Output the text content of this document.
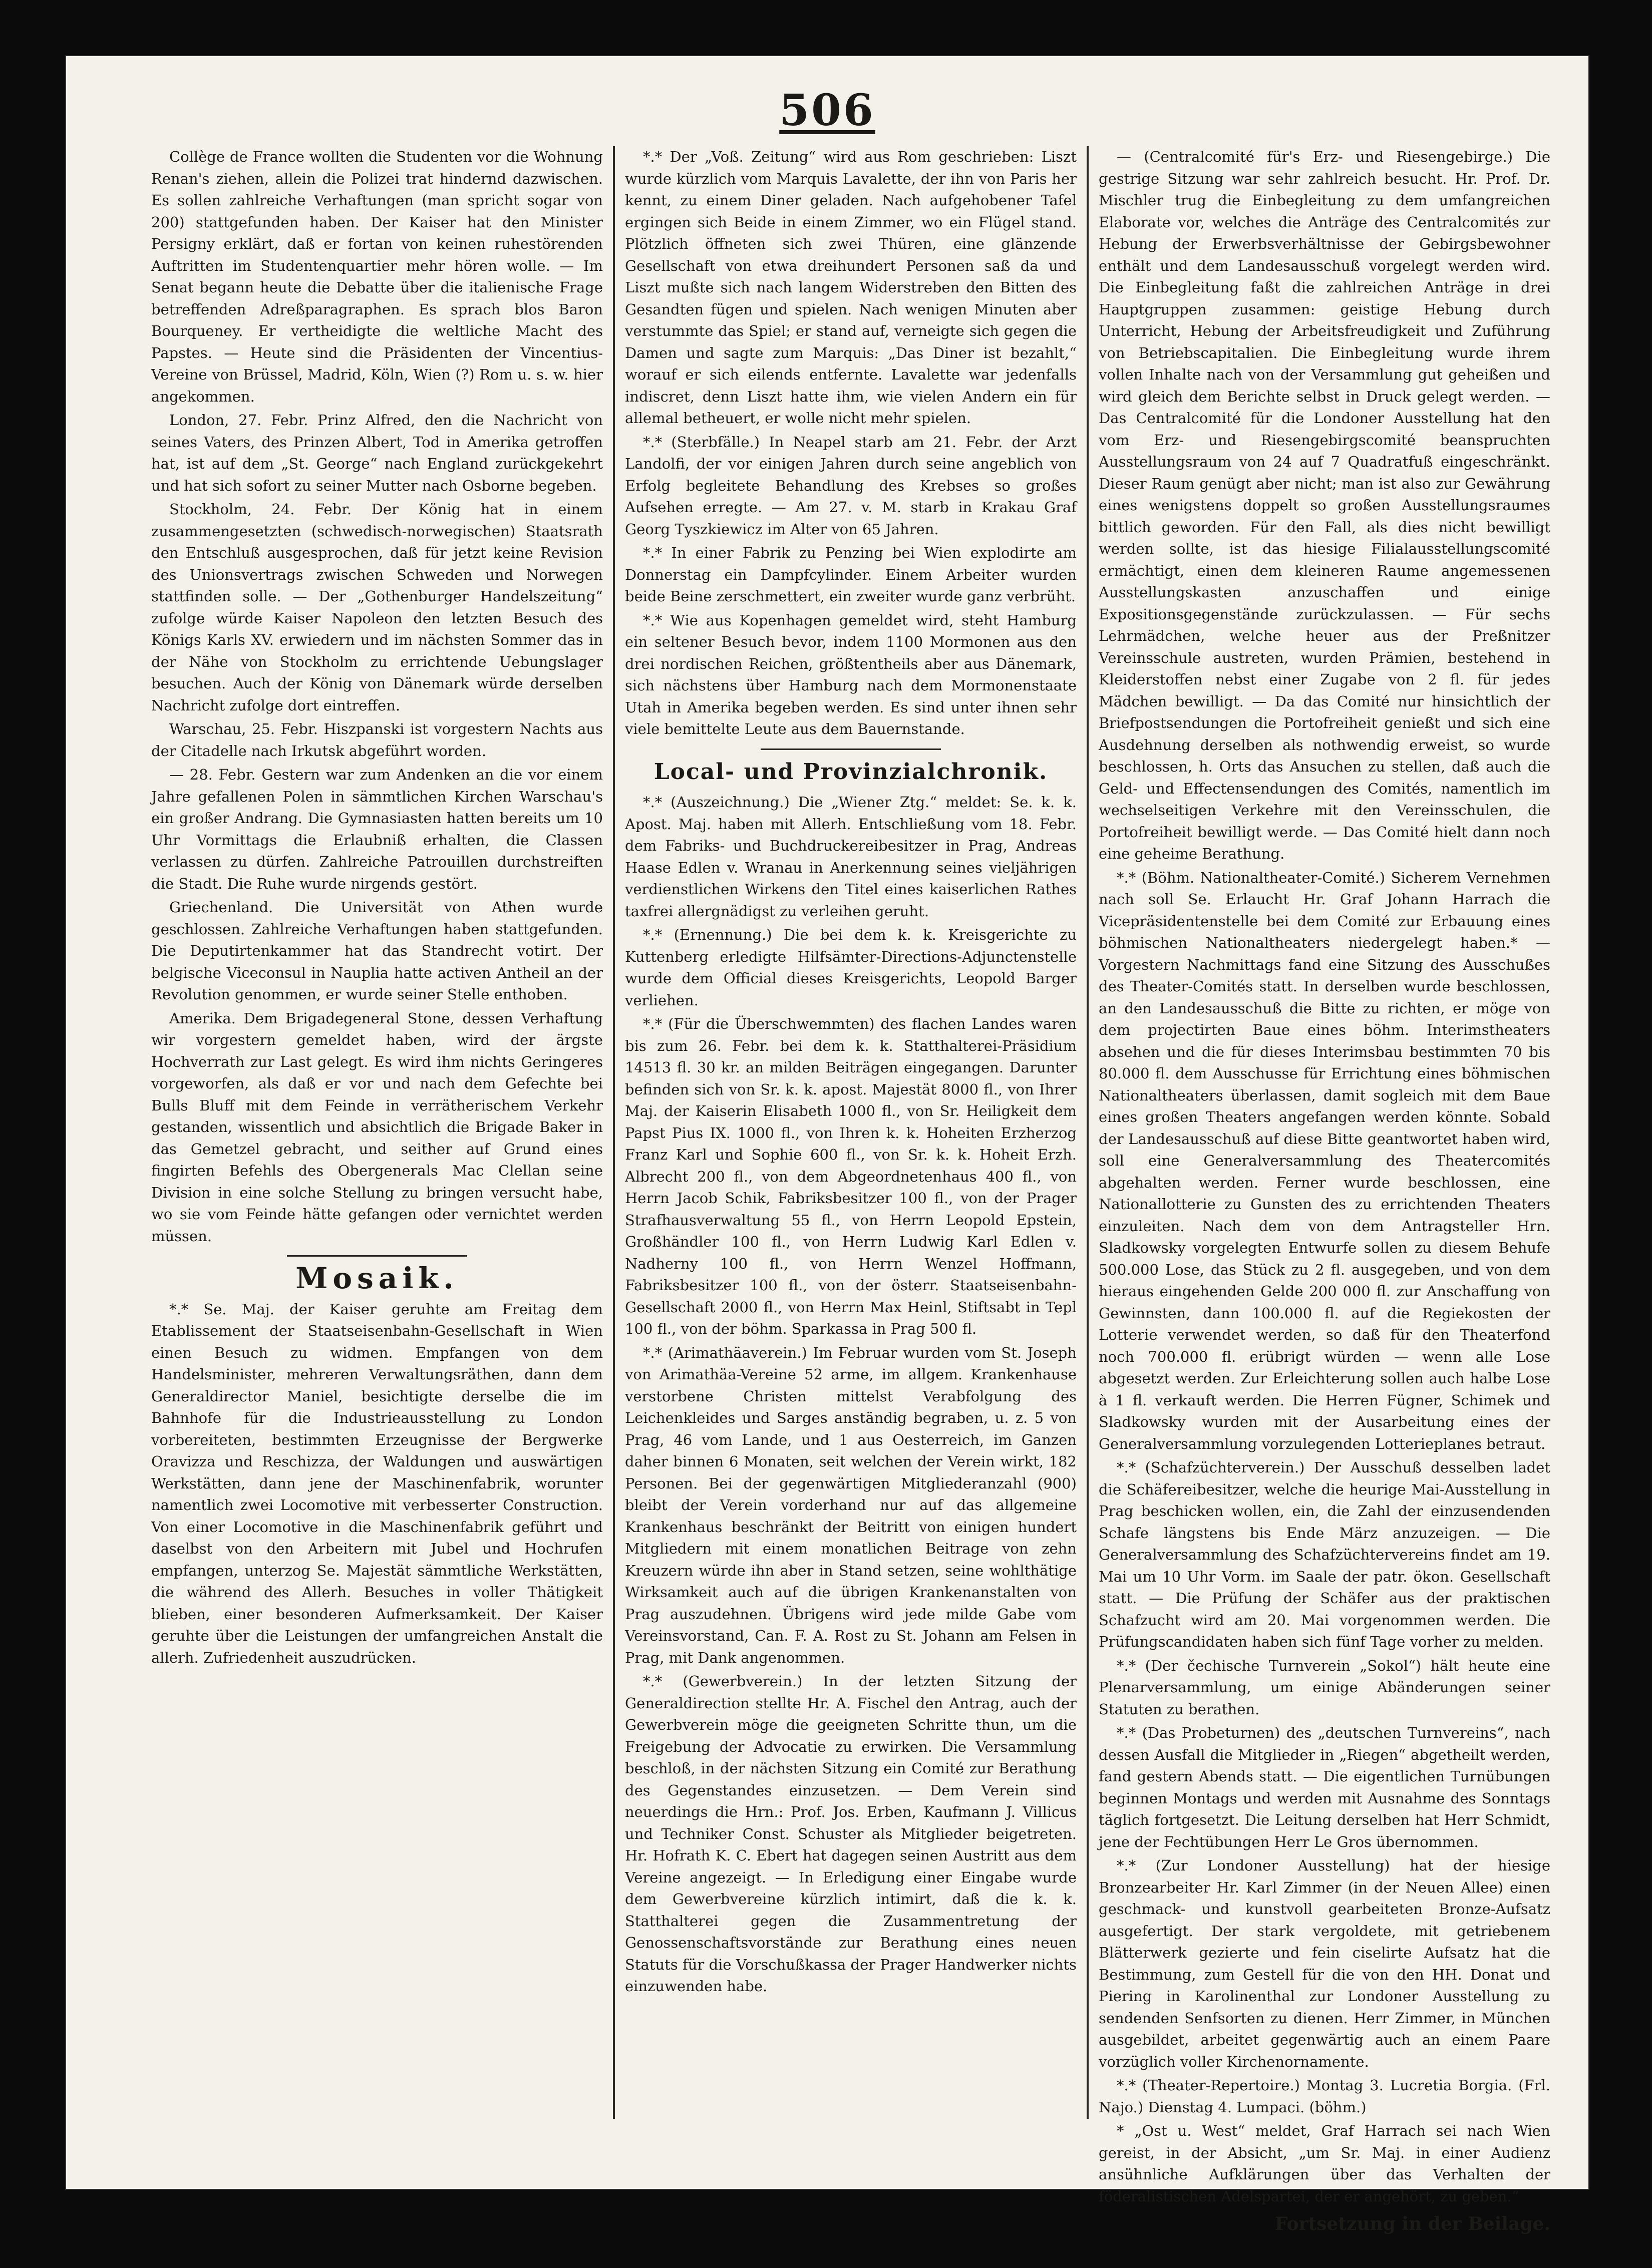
506

Collège de France wollten die Studenten vor die Wohnung Renan's ziehen, allein die Polizei trat hindernd dazwischen. Es sollen zahlreiche Verhaftungen (man spricht sogar von 200) stattgefunden haben. Der Kaiser hat den Minister Persigny erklärt, daß er fortan von keinen ruhestörenden Auftritten im Studentenquartier mehr hören wolle. — Im Senat begann heute die Debatte über die italienische Frage betreffenden Adreßparagraphen. Es sprach blos Baron Bourqueney. Er vertheidigte die weltliche Macht des Papstes. — Heute sind die Präsidenten der Vincentius-Vereine von Brüssel, Madrid, Köln, Wien (?) Rom u. s. w. hier angekommen.

London, 27. Febr. Prinz Alfred, den die Nachricht von seines Vaters, des Prinzen Albert, Tod in Amerika getroffen hat, ist auf dem „St. George“ nach England zurückgekehrt und hat sich sofort zu seiner Mutter nach Osborne begeben.

Stockholm, 24. Febr. Der König hat in einem zusammengesetzten (schwedisch-norwegischen) Staatsrath den Entschluß ausgesprochen, daß für jetzt keine Revision des Unionsvertrags zwischen Schweden und Norwegen stattfinden solle. — Der „Gothenburger Handelszeitung“ zufolge würde Kaiser Napoleon den letzten Besuch des Königs Karls XV. erwiedern und im nächsten Sommer das in der Nähe von Stockholm zu errichtende Uebungslager besuchen. Auch der König von Dänemark würde derselben Nachricht zufolge dort eintreffen.

Warschau, 25. Febr. Hiszpanski ist vorgestern Nachts aus der Citadelle nach Irkutsk abgeführt worden.

— 28. Febr. Gestern war zum Andenken an die vor einem Jahre gefallenen Polen in sämmtlichen Kirchen Warschau's ein großer Andrang. Die Gymnasiasten hatten bereits um 10 Uhr Vormittags die Erlaubniß erhalten, die Classen verlassen zu dürfen. Zahlreiche Patrouillen durchstreiften die Stadt. Die Ruhe wurde nirgends gestört.

Griechenland. Die Universität von Athen wurde geschlossen. Zahlreiche Verhaftungen haben stattgefunden. Die Deputirtenkammer hat das Standrecht votirt. Der belgische Viceconsul in Nauplia hatte activen Antheil an der Revolution genommen, er wurde seiner Stelle enthoben.

Amerika. Dem Brigadegeneral Stone, dessen Verhaftung wir vorgestern gemeldet haben, wird der ärgste Hochverrath zur Last gelegt. Es wird ihm nichts Geringeres vorgeworfen, als daß er vor und nach dem Gefechte bei Bulls Bluff mit dem Feinde in verrätherischem Verkehr gestanden, wissentlich und absichtlich die Brigade Baker in das Gemetzel gebracht, und seither auf Grund eines fingirten Befehls des Obergenerals Mac Clellan seine Division in eine solche Stellung zu bringen versucht habe, wo sie vom Feinde hätte gefangen oder vernichtet werden müssen.

Mosaik.

*.* Se. Maj. der Kaiser geruhte am Freitag dem Etablissement der Staatseisenbahn-Gesellschaft in Wien einen Besuch zu widmen. Empfangen von dem Handelsminister, mehreren Verwaltungsräthen, dann dem Generaldirector Maniel, besichtigte derselbe die im Bahnhofe für die Industrieausstellung zu London vorbereiteten, bestimmten Erzeugnisse der Bergwerke Oravizza und Reschizza, der Waldungen und auswärtigen Werkstätten, dann jene der Maschinenfabrik, worunter namentlich zwei Locomotive mit verbesserter Construction. Von einer Locomotive in die Maschinenfabrik geführt und daselbst von den Arbeitern mit Jubel und Hochrufen empfangen, unterzog Se. Majestät sämmtliche Werkstätten, die während des Allerh. Besuches in voller Thätigkeit blieben, einer besonderen Aufmerksamkeit. Der Kaiser geruhte über die Leistungen der umfangreichen Anstalt die allerh. Zufriedenheit auszudrücken.

*.* Der „Voß. Zeitung“ wird aus Rom geschrieben: Liszt wurde kürzlich vom Marquis Lavalette, der ihn von Paris her kennt, zu einem Diner geladen. Nach aufgehobener Tafel ergingen sich Beide in einem Zimmer, wo ein Flügel stand. Plötzlich öffneten sich zwei Thüren, eine glänzende Gesellschaft von etwa dreihundert Personen saß da und Liszt mußte sich nach langem Widerstreben den Bitten des Gesandten fügen und spielen. Nach wenigen Minuten aber verstummte das Spiel; er stand auf, verneigte sich gegen die Damen und sagte zum Marquis: „Das Diner ist bezahlt,“ worauf er sich eilends entfernte. Lavalette war jedenfalls indiscret, denn Liszt hatte ihm, wie vielen Andern ein für allemal betheuert, er wolle nicht mehr spielen.

*.* (Sterbfälle.) In Neapel starb am 21. Febr. der Arzt Landolfi, der vor einigen Jahren durch seine angeblich von Erfolg begleitete Behandlung des Krebses so großes Aufsehen erregte. — Am 27. v. M. starb in Krakau Graf Georg Tyszkiewicz im Alter von 65 Jahren.

*.* In einer Fabrik zu Penzing bei Wien explodirte am Donnerstag ein Dampfcylinder. Einem Arbeiter wurden beide Beine zerschmettert, ein zweiter wurde ganz verbrüht.

*.* Wie aus Kopenhagen gemeldet wird, steht Hamburg ein seltener Besuch bevor, indem 1100 Mormonen aus den drei nordischen Reichen, größtentheils aber aus Dänemark, sich nächstens über Hamburg nach dem Mormonenstaate Utah in Amerika begeben werden. Es sind unter ihnen sehr viele bemittelte Leute aus dem Bauernstande.

Local- und Provinzialchronik.

*.* (Auszeichnung.) Die „Wiener Ztg.“ meldet: Se. k. k. Apost. Maj. haben mit Allerh. Entschließung vom 18. Febr. dem Fabriks- und Buchdruckereibesitzer in Prag, Andreas Haase Edlen v. Wranau in Anerkennung seines vieljährigen verdienstlichen Wirkens den Titel eines kaiserlichen Rathes taxfrei allergnädigst zu verleihen geruht.

*.* (Ernennung.) Die bei dem k. k. Kreisgerichte zu Kuttenberg erledigte Hilfsämter-Directions-Adjunctenstelle wurde dem Official dieses Kreisgerichts, Leopold Barger verliehen.

*.* (Für die Überschwemmten) des flachen Landes waren bis zum 26. Febr. bei dem k. k. Statthalterei-Präsidium 14513 fl. 30 kr. an milden Beiträgen eingegangen. Darunter befinden sich von Sr. k. k. apost. Majestät 8000 fl., von Ihrer Maj. der Kaiserin Elisabeth 1000 fl., von Sr. Heiligkeit dem Papst Pius IX. 1000 fl., von Ihren k. k. Hoheiten Erzherzog Franz Karl und Sophie 600 fl., von Sr. k. k. Hoheit Erzh. Albrecht 200 fl., von dem Abgeordnetenhaus 400 fl., von Herrn Jacob Schik, Fabriksbesitzer 100 fl., von der Prager Strafhausverwaltung 55 fl., von Herrn Leopold Epstein, Großhändler 100 fl., von Herrn Ludwig Karl Edlen v. Nadherny 100 fl., von Herrn Wenzel Hoffmann, Fabriksbesitzer 100 fl., von der österr. Staatseisenbahn-Gesellschaft 2000 fl., von Herrn Max Heinl, Stiftsabt in Tepl 100 fl., von der böhm. Sparkassa in Prag 500 fl.

*.* (Arimathäaverein.) Im Februar wurden vom St. Joseph von Arimathäa-Vereine 52 arme, im allgem. Krankenhause verstorbene Christen mittelst Verabfolgung des Leichenkleides und Sarges anständig begraben, u. z. 5 von Prag, 46 vom Lande, und 1 aus Oesterreich, im Ganzen daher binnen 6 Monaten, seit welchen der Verein wirkt, 182 Personen. Bei der gegenwärtigen Mitgliederanzahl (900) bleibt der Verein vorderhand nur auf das allgemeine Krankenhaus beschränkt der Beitritt von einigen hundert Mitgliedern mit einem monatlichen Beitrage von zehn Kreuzern würde ihn aber in Stand setzen, seine wohlthätige Wirksamkeit auch auf die übrigen Krankenanstalten von Prag auszudehnen. Übrigens wird jede milde Gabe vom Vereinsvorstand, Can. F. A. Rost zu St. Johann am Felsen in Prag, mit Dank angenommen.

*.* (Gewerbverein.) In der letzten Sitzung der Generaldirection stellte Hr. A. Fischel den Antrag, auch der Gewerbverein möge die geeigneten Schritte thun, um die Freigebung der Advocatie zu erwirken. Die Versammlung beschloß, in der nächsten Sitzung ein Comité zur Berathung des Gegenstandes einzusetzen. — Dem Verein sind neuerdings die Hrn.: Prof. Jos. Erben, Kaufmann J. Villicus und Techniker Const. Schuster als Mitglieder beigetreten. Hr. Hofrath K. C. Ebert hat dagegen seinen Austritt aus dem Vereine angezeigt. — In Erledigung einer Eingabe wurde dem Gewerbvereine kürzlich intimirt, daß die k. k. Statthalterei gegen die Zusammentretung der Genossenschaftsvorstände zur Berathung eines neuen Statuts für die Vorschußkassa der Prager Handwerker nichts einzuwenden habe.

— (Centralcomité für's Erz- und Riesengebirge.) Die gestrige Sitzung war sehr zahlreich besucht. Hr. Prof. Dr. Mischler trug die Einbegleitung zu dem umfangreichen Elaborate vor, welches die Anträge des Centralcomités zur Hebung der Erwerbsverhältnisse der Gebirgsbewohner enthält und dem Landesausschuß vorgelegt werden wird. Die Einbegleitung faßt die zahlreichen Anträge in drei Hauptgruppen zusammen: geistige Hebung durch Unterricht, Hebung der Arbeitsfreudigkeit und Zuführung von Betriebscapitalien. Die Einbegleitung wurde ihrem vollen Inhalte nach von der Versammlung gut geheißen und wird gleich dem Berichte selbst in Druck gelegt werden. — Das Centralcomité für die Londoner Ausstellung hat den vom Erz- und Riesengebirgscomité beanspruchten Ausstellungsraum von 24 auf 7 Quadratfuß eingeschränkt. Dieser Raum genügt aber nicht; man ist also zur Gewährung eines wenigstens doppelt so großen Ausstellungsraumes bittlich geworden. Für den Fall, als dies nicht bewilligt werden sollte, ist das hiesige Filialausstellungscomité ermächtigt, einen dem kleineren Raume angemessenen Ausstellungskasten anzuschaffen und einige Expositionsgegenstände zurückzulassen. — Für sechs Lehrmädchen, welche heuer aus der Preßnitzer Vereinsschule austreten, wurden Prämien, bestehend in Kleiderstoffen nebst einer Zugabe von 2 fl. für jedes Mädchen bewilligt. — Da das Comité nur hinsichtlich der Briefpostsendungen die Portofreiheit genießt und sich eine Ausdehnung derselben als nothwendig erweist, so wurde beschlossen, h. Orts das Ansuchen zu stellen, daß auch die Geld- und Effectensendungen des Comités, namentlich im wechselseitigen Verkehre mit den Vereinsschulen, die Portofreiheit bewilligt werde. — Das Comité hielt dann noch eine geheime Berathung.

*.* (Böhm. Nationaltheater-Comité.) Sicherem Vernehmen nach soll Se. Erlaucht Hr. Graf Johann Harrach die Vicepräsidentenstelle bei dem Comité zur Erbauung eines böhmischen Nationaltheaters niedergelegt haben.* — Vorgestern Nachmittags fand eine Sitzung des Ausschußes des Theater-Comités statt. In derselben wurde beschlossen, an den Landesausschuß die Bitte zu richten, er möge von dem projectirten Baue eines böhm. Interimstheaters absehen und die für dieses Interimsbau bestimmten 70 bis 80.000 fl. dem Ausschusse für Errichtung eines böhmischen Nationaltheaters überlassen, damit sogleich mit dem Baue eines großen Theaters angefangen werden könnte. Sobald der Landesausschuß auf diese Bitte geantwortet haben wird, soll eine Generalversammlung des Theatercomités abgehalten werden. Ferner wurde beschlossen, eine Nationallotterie zu Gunsten des zu errichtenden Theaters einzuleiten. Nach dem von dem Antragsteller Hrn. Sladkowsky vorgelegten Entwurfe sollen zu diesem Behufe 500.000 Lose, das Stück zu 2 fl. ausgegeben, und von dem hieraus eingehenden Gelde 200 000 fl. zur Anschaffung von Gewinnsten, dann 100.000 fl. auf die Regiekosten der Lotterie verwendet werden, so daß für den Theaterfond noch 700.000 fl. erübrigt würden — wenn alle Lose abgesetzt werden. Zur Erleichterung sollen auch halbe Lose à 1 fl. verkauft werden. Die Herren Fügner, Schimek und Sladkowsky wurden mit der Ausarbeitung eines der Generalversammlung vorzulegenden Lotterieplanes betraut.

*.* (Schafzüchterverein.) Der Ausschuß desselben ladet die Schäfereibesitzer, welche die heurige Mai-Ausstellung in Prag beschicken wollen, ein, die Zahl der einzusendenden Schafe längstens bis Ende März anzuzeigen. — Die Generalversammlung des Schafzüchtervereins findet am 19. Mai um 10 Uhr Vorm. im Saale der patr. ökon. Gesellschaft statt. — Die Prüfung der Schäfer aus der praktischen Schafzucht wird am 20. Mai vorgenommen werden. Die Prüfungscandidaten haben sich fünf Tage vorher zu melden.

*.* (Der čechische Turnverein „Sokol“) hält heute eine Plenarversammlung, um einige Abänderungen seiner Statuten zu berathen.

*.* (Das Probeturnen) des „deutschen Turnvereins“, nach dessen Ausfall die Mitglieder in „Riegen“ abgetheilt werden, fand gestern Abends statt. — Die eigentlichen Turnübungen beginnen Montags und werden mit Ausnahme des Sonntags täglich fortgesetzt. Die Leitung derselben hat Herr Schmidt, jene der Fechtübungen Herr Le Gros übernommen.

*.* (Zur Londoner Ausstellung) hat der hiesige Bronzearbeiter Hr. Karl Zimmer (in der Neuen Allee) einen geschmack- und kunstvoll gearbeiteten Bronze-Aufsatz ausgefertigt. Der stark vergoldete, mit getriebenem Blätterwerk gezierte und fein ciselirte Aufsatz hat die Bestimmung, zum Gestell für die von den HH. Donat und Piering in Karolinenthal zur Londoner Ausstellung zu sendenden Senfsorten zu dienen. Herr Zimmer, in München ausgebildet, arbeitet gegenwärtig auch an einem Paare vorzüglich voller Kirchenornamente.

*.* (Theater-Repertoire.) Montag 3. Lucretia Borgia. (Frl. Najo.) Dienstag 4. Lumpaci. (böhm.)

* „Ost u. West“ meldet, Graf Harrach sei nach Wien gereist, in der Absicht, „um Sr. Maj. in einer Audienz ansühnliche Aufklärungen über das Verhalten der föderalistischen Adelspartei, der er angehört, zu geben.“

Fortsetzung in der Beilage.
